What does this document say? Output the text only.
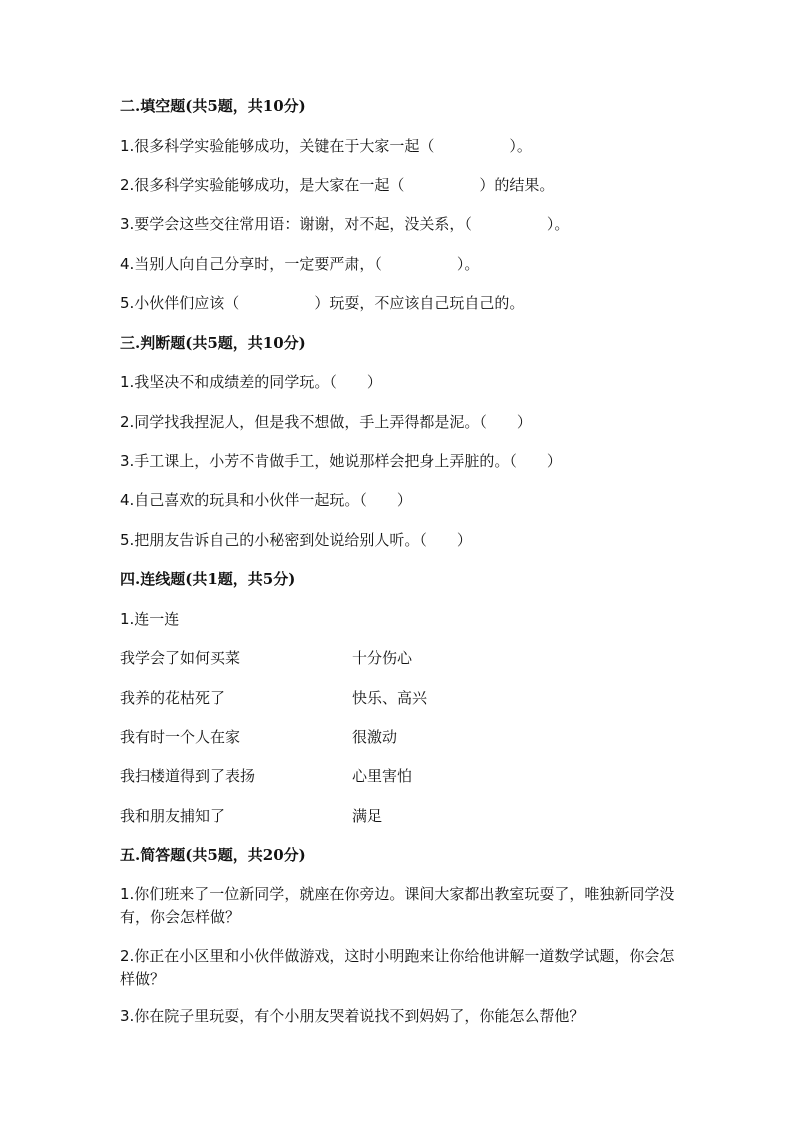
二.填空题(共5题，共10分)
1.很多科学实验能够成功，关键在于大家一起（　　　　　）。
2.很多科学实验能够成功，是大家在一起（　　　　　）的结果。
3.要学会这些交往常用语：谢谢，对不起，没关系，（　　　　　）。
4.当别人向自己分享时，一定要严肃，（　　　　　）。
5.小伙伴们应该（　　　　　）玩耍，不应该自己玩自己的。
三.判断题(共5题，共10分)
1.我坚决不和成绩差的同学玩。（　　）
2.同学找我捏泥人，但是我不想做，手上弄得都是泥。（　　）
3.手工课上，小芳不肯做手工，她说那样会把身上弄脏的。（　　）
4.自己喜欢的玩具和小伙伴一起玩。（　　）
5.把朋友告诉自己的小秘密到处说给别人听。（　　）
四.连线题(共1题，共5分)
1.连一连
我学会了如何买菜	十分伤心
我养的花枯死了	快乐、高兴
我有时一个人在家	很激动
我扫楼道得到了表扬	心里害怕
我和朋友捕知了	满足
五.简答题(共5题，共20分)
1.你们班来了一位新同学，就座在你旁边。课间大家都出教室玩耍了，唯独新同学没有，你会怎样做？
2.你正在小区里和小伙伴做游戏，这时小明跑来让你给他讲解一道数学试题，你会怎样做？
3.你在院子里玩耍，有个小朋友哭着说找不到妈妈了，你能怎么帮他？
